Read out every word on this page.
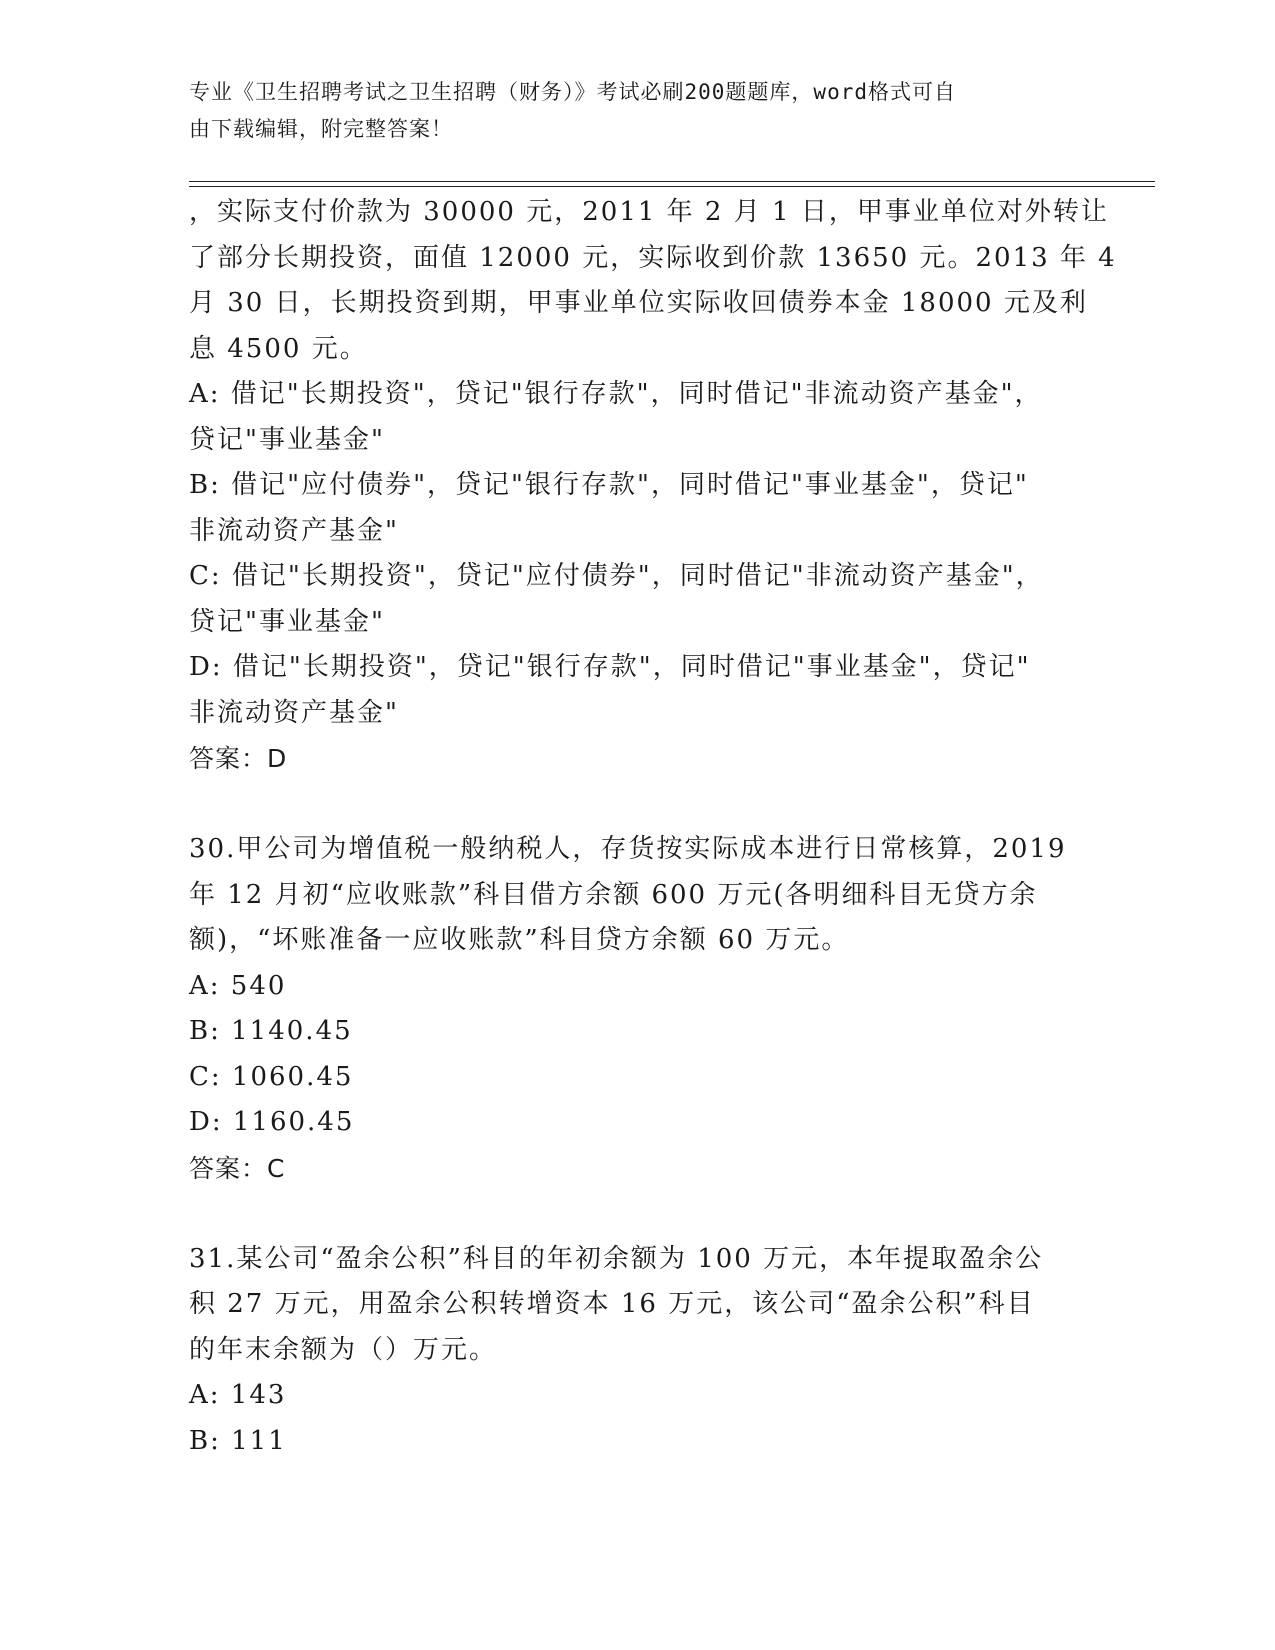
专业《卫生招聘考试之卫生招聘（财务）》考试必刷200题题库，word格式可自
由下载编辑，附完整答案！
，实际支付价款为 30000 元，2011 年 2 月 1 日，甲事业单位对外转让
了部分长期投资，面值 12000 元，实际收到价款 13650 元。2013 年 4
月 30 日，长期投资到期，甲事业单位实际收回债券本金 18000 元及利
息 4500 元。
A: 借记"长期投资"，贷记"银行存款"，同时借记"非流动资产基金"，
贷记"事业基金"
B: 借记"应付债券"，贷记"银行存款"，同时借记"事业基金"，贷记"
非流动资产基金"
C: 借记"长期投资"，贷记"应付债券"，同时借记"非流动资产基金"，
贷记"事业基金"
D: 借记"长期投资"，贷记"银行存款"，同时借记"事业基金"，贷记"
非流动资产基金"
答案：D
30.甲公司为增值税一般纳税人，存货按实际成本进行日常核算，2019
年 12 月初“应收账款”科目借方余额 600 万元(各明细科目无贷方余
额)，“坏账准备一应收账款”科目贷方余额 60 万元。
A: 540
B: 1140.45
C: 1060.45
D: 1160.45
答案：C
31.某公司“盈余公积”科目的年初余额为 100 万元，本年提取盈余公
积 27 万元，用盈余公积转增资本 16 万元，该公司“盈余公积”科目
的年末余额为（）万元。
A: 143
B: 111
